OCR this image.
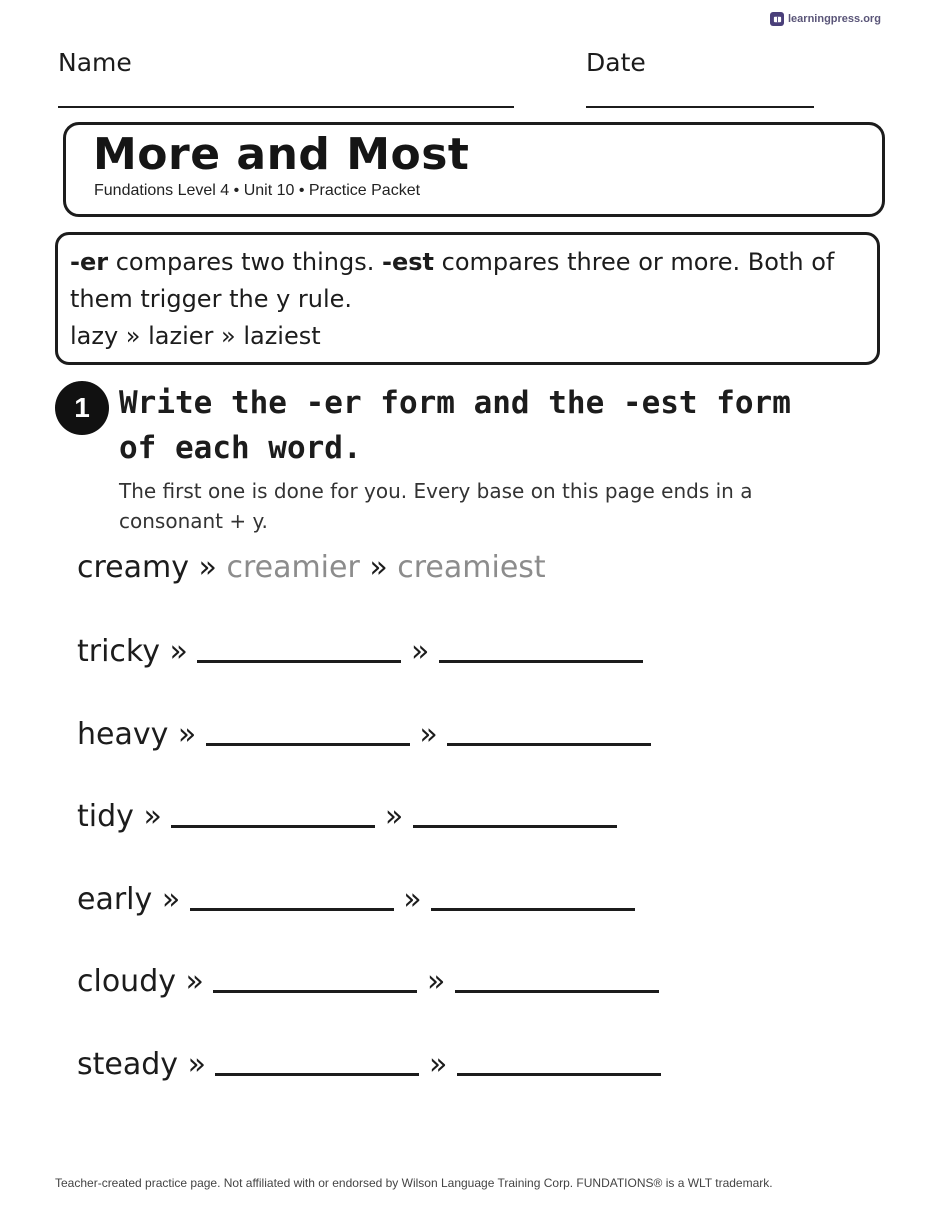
learningpress.org
Name	Date
More and Most
Fundations Level 4 • Unit 10 • Practice Packet
-er compares two things. -est compares three or more. Both of them trigger the y rule.
lazy » lazier » laziest
1 Write the -er form and the -est form of each word.
The first one is done for you. Every base on this page ends in a consonant + y.
creamy » creamier » creamiest
tricky »	»
heavy »	»
tidy »	»
early »	»
cloudy »	»
steady »	»
Teacher-created practice page. Not affiliated with or endorsed by Wilson Language Training Corp. FUNDATIONS® is a WLT trademark.
